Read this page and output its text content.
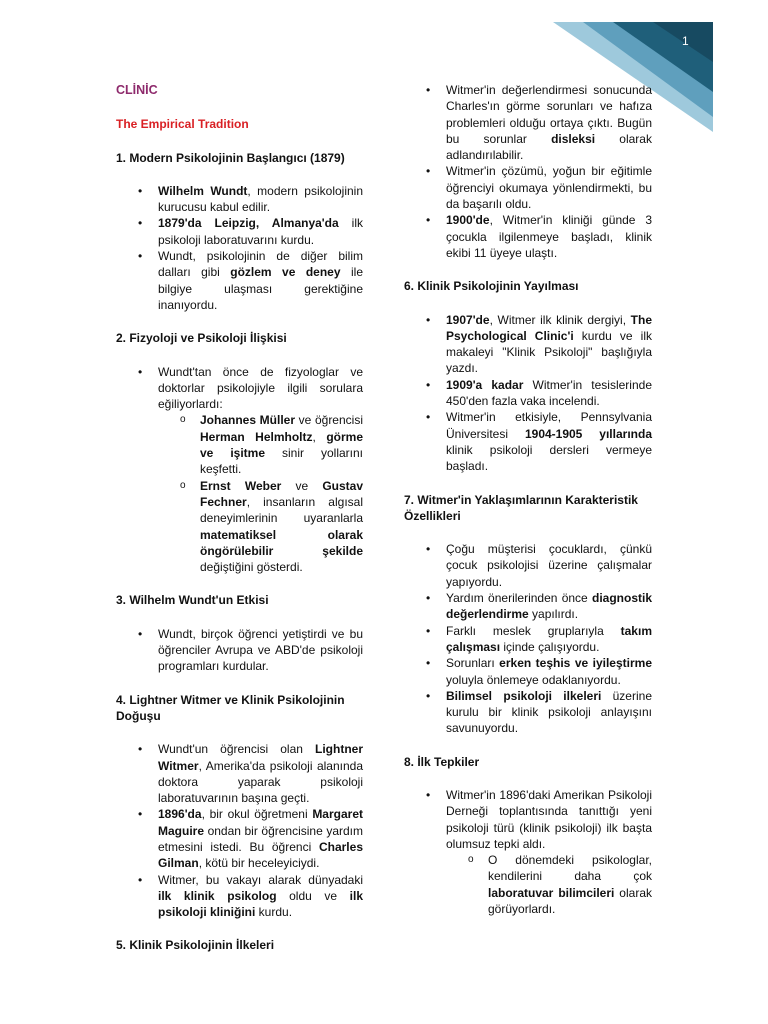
1
CLİNİC
The Empirical Tradition
1. Modern Psikolojinin Başlangıcı (1879)
• Wilhelm Wundt, modern psikolojinin kurucusu kabul edilir.
• 1879'da Leipzig, Almanya'da ilk psikoloji laboratuvarını kurdu.
• Wundt, psikolojinin de diğer bilim dalları gibi gözlem ve deney ile bilgiye ulaşması gerektiğine inanıyordu.
2. Fizyoloji ve Psikoloji İlişkisi
• Wundt'tan önce de fizyologlar ve doktorlar psikolojiyle ilgili sorulara eğiliyorlardı:
o Johannes Müller ve öğrencisi Herman Helmholtz, görme ve işitme sinir yollarını keşfetti.
o Ernst Weber ve Gustav Fechner, insanların algısal deneyimlerinin uyaranlarla matematiksel olarak öngörülebilir şekilde değiştiğini gösterdi.
3. Wilhelm Wundt'un Etkisi
• Wundt, birçok öğrenci yetiştirdi ve bu öğrenciler Avrupa ve ABD'de psikoloji programları kurdular.
4. Lightner Witmer ve Klinik Psikolojinin Doğuşu
• Wundt'un öğrencisi olan Lightner Witmer, Amerika'da psikoloji alanında doktora yaparak psikoloji laboratuvarının başına geçti.
• 1896'da, bir okul öğretmeni Margaret Maguire ondan bir öğrencisine yardım etmesini istedi. Bu öğrenci Charles Gilman, kötü bir heceleyiciydi.
• Witmer, bu vakayı alarak dünyadaki ilk klinik psikolog oldu ve ilk psikoloji kliniğini kurdu.
5. Klinik Psikolojinin İlkeleri
• Witmer'in değerlendirmesi sonucunda Charles'ın görme sorunları ve hafıza problemleri olduğu ortaya çıktı. Bugün bu sorunlar disleksi olarak adlandırılabilir.
• Witmer'in çözümü, yoğun bir eğitimle öğrenciyi okumaya yönlendirmekti, bu da başarılı oldu.
• 1900'de, Witmer'in kliniği günde 3 çocukla ilgilenmeye başladı, klinik ekibi 11 üyeye ulaştı.
6. Klinik Psikolojinin Yayılması
• 1907'de, Witmer ilk klinik dergiyi, The Psychological Clinic'i kurdu ve ilk makaleyi "Klinik Psikoloji" başlığıyla yazdı.
• 1909'a kadar Witmer'in tesislerinde 450'den fazla vaka incelendi.
• Witmer'in etkisiyle, Pennsylvania Üniversitesi 1904-1905 yıllarında klinik psikoloji dersleri vermeye başladı.
7. Witmer'in Yaklaşımlarının Karakteristik Özellikleri
• Çoğu müşterisi çocuklardı, çünkü çocuk psikolojisi üzerine çalışmalar yapıyordu.
• Yardım önerilerinden önce diagnostik değerlendirme yapılırdı.
• Farklı meslek gruplarıyla takım çalışması içinde çalışıyordu.
• Sorunları erken teşhis ve iyileştirme yoluyla önlemeye odaklanıyordu.
• Bilimsel psikoloji ilkeleri üzerine kurulu bir klinik psikoloji anlayışını savunuyordu.
8. İlk Tepkiler
• Witmer'in 1896'daki Amerikan Psikoloji Derneği toplantısında tanıttığı yeni psikoloji türü (klinik psikoloji) ilk başta olumsuz tepki aldı.
o O dönemdeki psikologlar, kendilerini daha çok laboratuvar bilimcileri olarak görüyorlardı.
